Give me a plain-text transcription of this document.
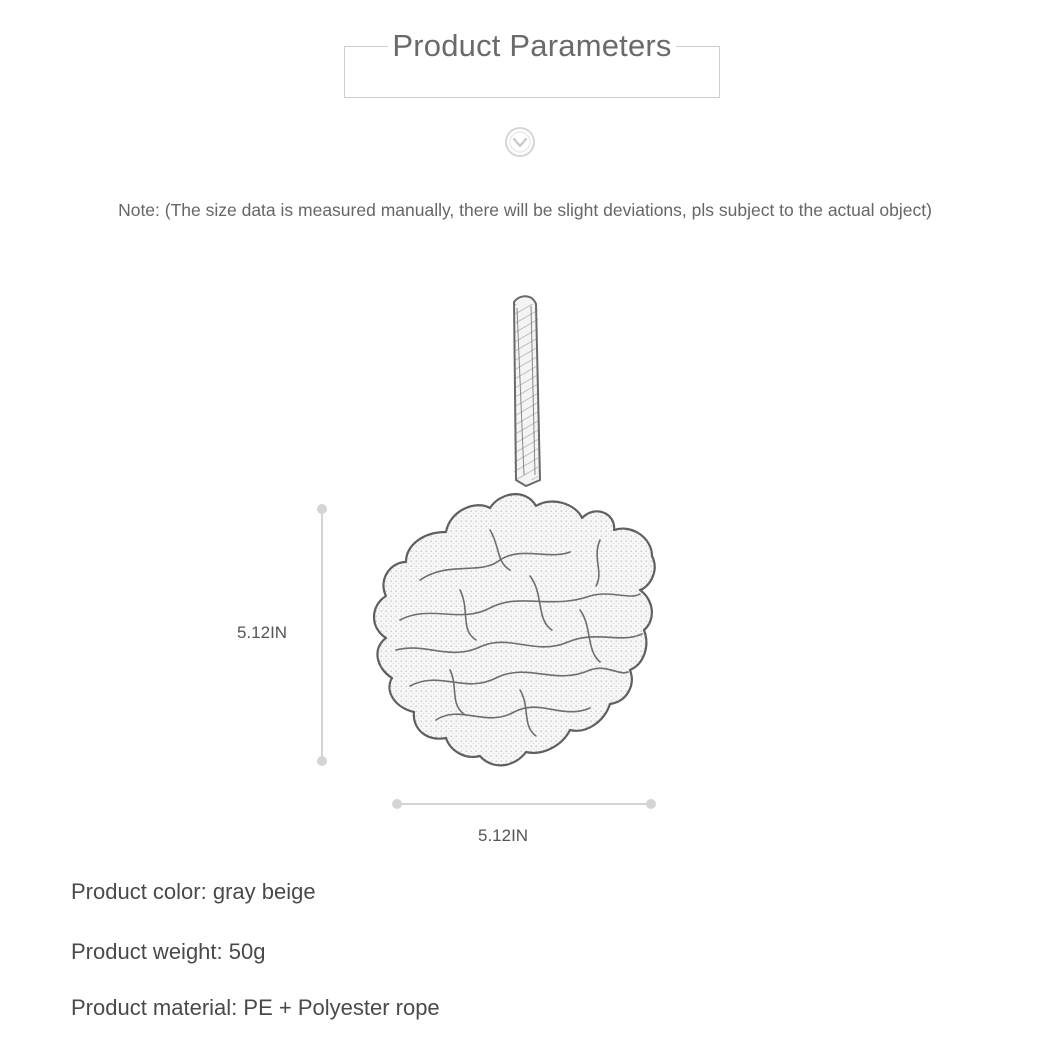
Product Parameters
Note: (The size data is measured manually, there will be slight deviations, pls subject to the actual object)
5.12IN
5.12IN
Product color: gray beige
Product weight: 50g
Product material: PE + Polyester rope
